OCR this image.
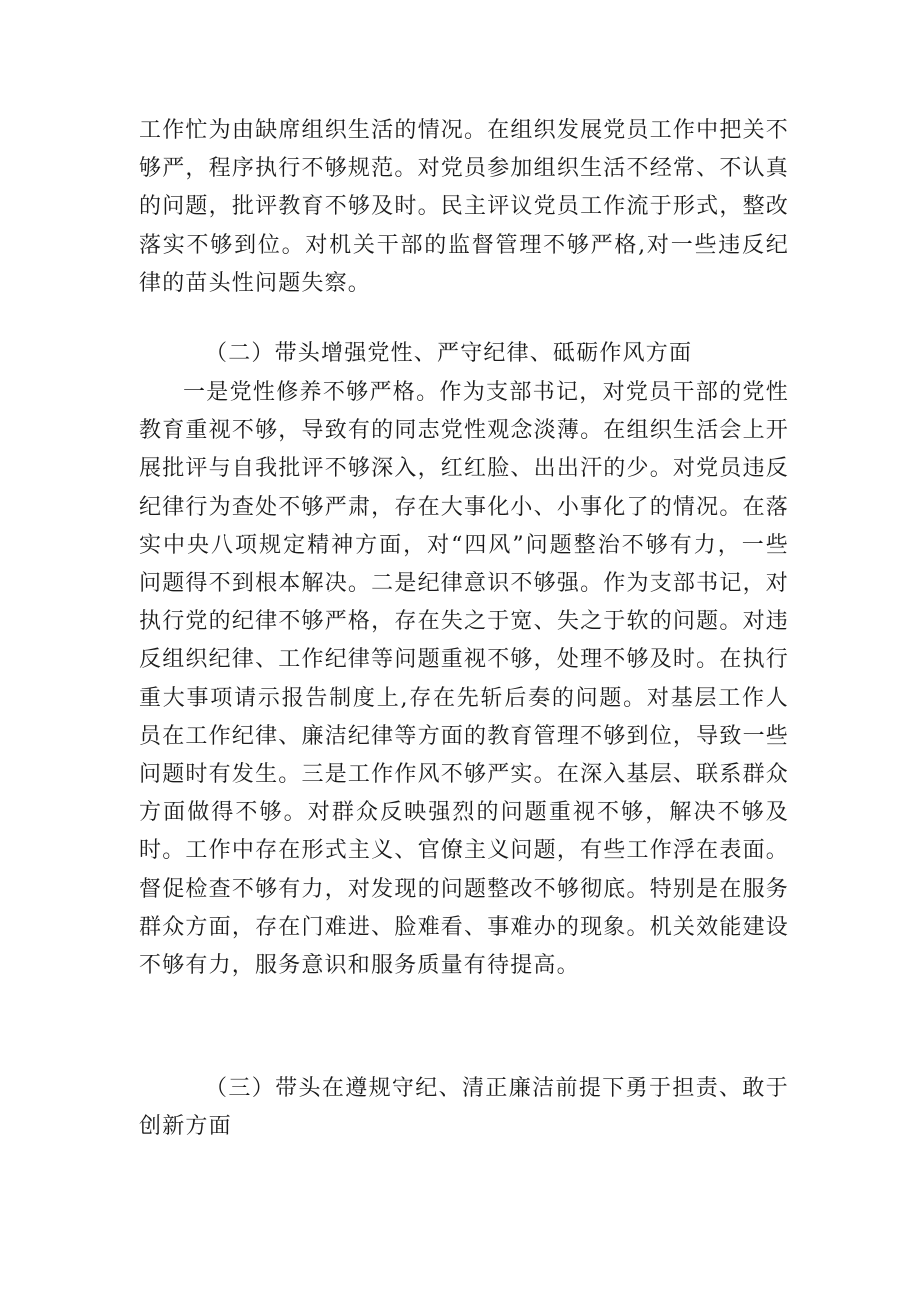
工作忙为由缺席组织生活的情况。在组织发展党员工作中把关不够严，程序执行不够规范。对党员参加组织生活不经常、不认真的问题，批评教育不够及时。民主评议党员工作流于形式，整改落实不够到位。对机关干部的监督管理不够严格,对一些违反纪律的苗头性问题失察。

（二）带头增强党性、严守纪律、砥砺作风方面

一是党性修养不够严格。作为支部书记，对党员干部的党性教育重视不够，导致有的同志党性观念淡薄。在组织生活会上开展批评与自我批评不够深入，红红脸、出出汗的少。对党员违反纪律行为查处不够严肃，存在大事化小、小事化了的情况。在落实中央八项规定精神方面，对“四风”问题整治不够有力，一些问题得不到根本解决。二是纪律意识不够强。作为支部书记，对执行党的纪律不够严格，存在失之于宽、失之于软的问题。对违反组织纪律、工作纪律等问题重视不够，处理不够及时。在执行重大事项请示报告制度上,存在先斩后奏的问题。对基层工作人员在工作纪律、廉洁纪律等方面的教育管理不够到位，导致一些问题时有发生。三是工作作风不够严实。在深入基层、联系群众方面做得不够。对群众反映强烈的问题重视不够，解决不够及时。工作中存在形式主义、官僚主义问题，有些工作浮在表面。督促检查不够有力，对发现的问题整改不够彻底。特别是在服务群众方面，存在门难进、脸难看、事难办的现象。机关效能建设不够有力，服务意识和服务质量有待提高。

（三）带头在遵规守纪、清正廉洁前提下勇于担责、敢于创新方面
